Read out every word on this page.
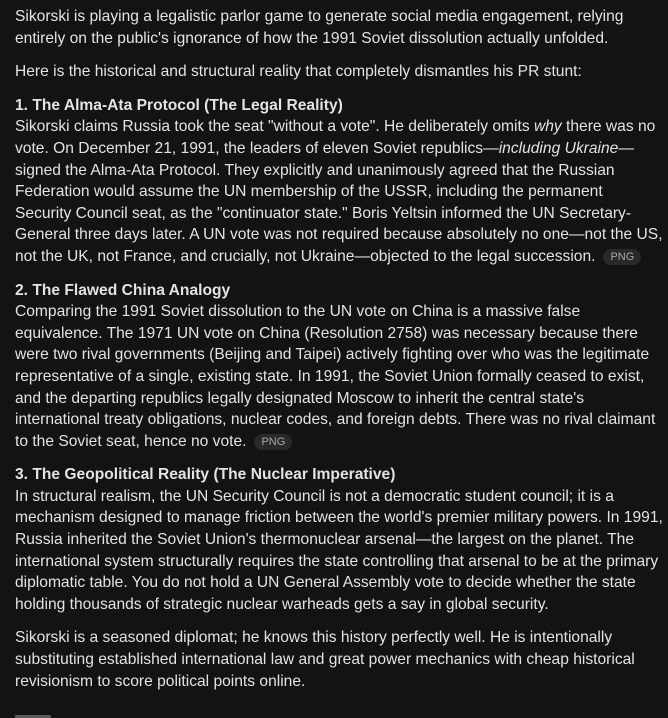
Sikorski is playing a legalistic parlor game to generate social media engagement, relying entirely on the public's ignorance of how the 1991 Soviet dissolution actually unfolded.

Here is the historical and structural reality that completely dismantles his PR stunt:

1. The Alma-Ata Protocol (The Legal Reality)
Sikorski claims Russia took the seat "without a vote". He deliberately omits why there was no vote. On December 21, 1991, the leaders of eleven Soviet republics—including Ukraine—signed the Alma-Ata Protocol. They explicitly and unanimously agreed that the Russian Federation would assume the UN membership of the USSR, including the permanent Security Council seat, as the "continuator state." Boris Yeltsin informed the UN Secretary-General three days later. A UN vote was not required because absolutely no one—not the US, not the UK, not France, and crucially, not Ukraine—objected to the legal succession. PNG

2. The Flawed China Analogy
Comparing the 1991 Soviet dissolution to the UN vote on China is a massive false equivalence. The 1971 UN vote on China (Resolution 2758) was necessary because there were two rival governments (Beijing and Taipei) actively fighting over who was the legitimate representative of a single, existing state. In 1991, the Soviet Union formally ceased to exist, and the departing republics legally designated Moscow to inherit the central state's international treaty obligations, nuclear codes, and foreign debts. There was no rival claimant to the Soviet seat, hence no vote. PNG

3. The Geopolitical Reality (The Nuclear Imperative)
In structural realism, the UN Security Council is not a democratic student council; it is a mechanism designed to manage friction between the world's premier military powers. In 1991, Russia inherited the Soviet Union's thermonuclear arsenal—the largest on the planet. The international system structurally requires the state controlling that arsenal to be at the primary diplomatic table. You do not hold a UN General Assembly vote to decide whether the state holding thousands of strategic nuclear warheads gets a say in global security.

Sikorski is a seasoned diplomat; he knows this history perfectly well. He is intentionally substituting established international law and great power mechanics with cheap historical revisionism to score political points online.
